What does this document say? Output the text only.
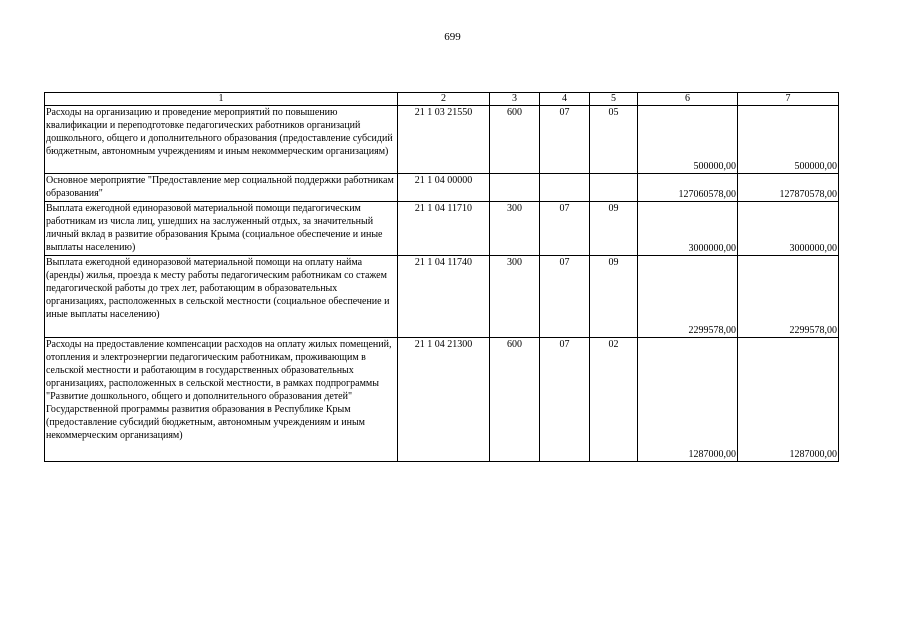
699
1	2	3	4	5	6	7
Расходы на организацию и проведение мероприятий по повышению квалификации и переподготовке педагогических работников организаций дошкольного, общего и дополнительного образования (предоставление субсидий бюджетным, автономным учреждениям и иным некоммерческим организациям)	21 1 03 21550	600	07	05	500000,00	500000,00
Основное мероприятие "Предоставление мер социальной поддержки работникам образования"	21 1 04 00000				127060578,00	127870578,00
Выплата ежегодной единоразовой материальной помощи педагогическим работникам из числа лиц, ушедших на заслуженный отдых, за значительный личный вклад в развитие образования Крыма (социальное обеспечение и иные выплаты населению)	21 1 04 11710	300	07	09	3000000,00	3000000,00
Выплата ежегодной единоразовой материальной помощи на оплату найма (аренды) жилья, проезда к месту работы педагогическим работникам со стажем педагогической работы до трех лет, работающим в образовательных организациях, расположенных в сельской местности (социальное обеспечение и иные выплаты населению)	21 1 04 11740	300	07	09	2299578,00	2299578,00
Расходы на предоставление компенсации расходов на оплату жилых помещений, отопления и электроэнергии педагогическим работникам, проживающим в сельской местности и работающим в государственных образовательных организациях, расположенных в сельской местности, в рамках подпрограммы "Развитие дошкольного, общего и дополнительного образования детей" Государственной программы развития образования в Республике Крым (предоставление субсидий бюджетным, автономным учреждениям и иным некоммерческим организациям)	21 1 04 21300	600	07	02	1287000,00	1287000,00
